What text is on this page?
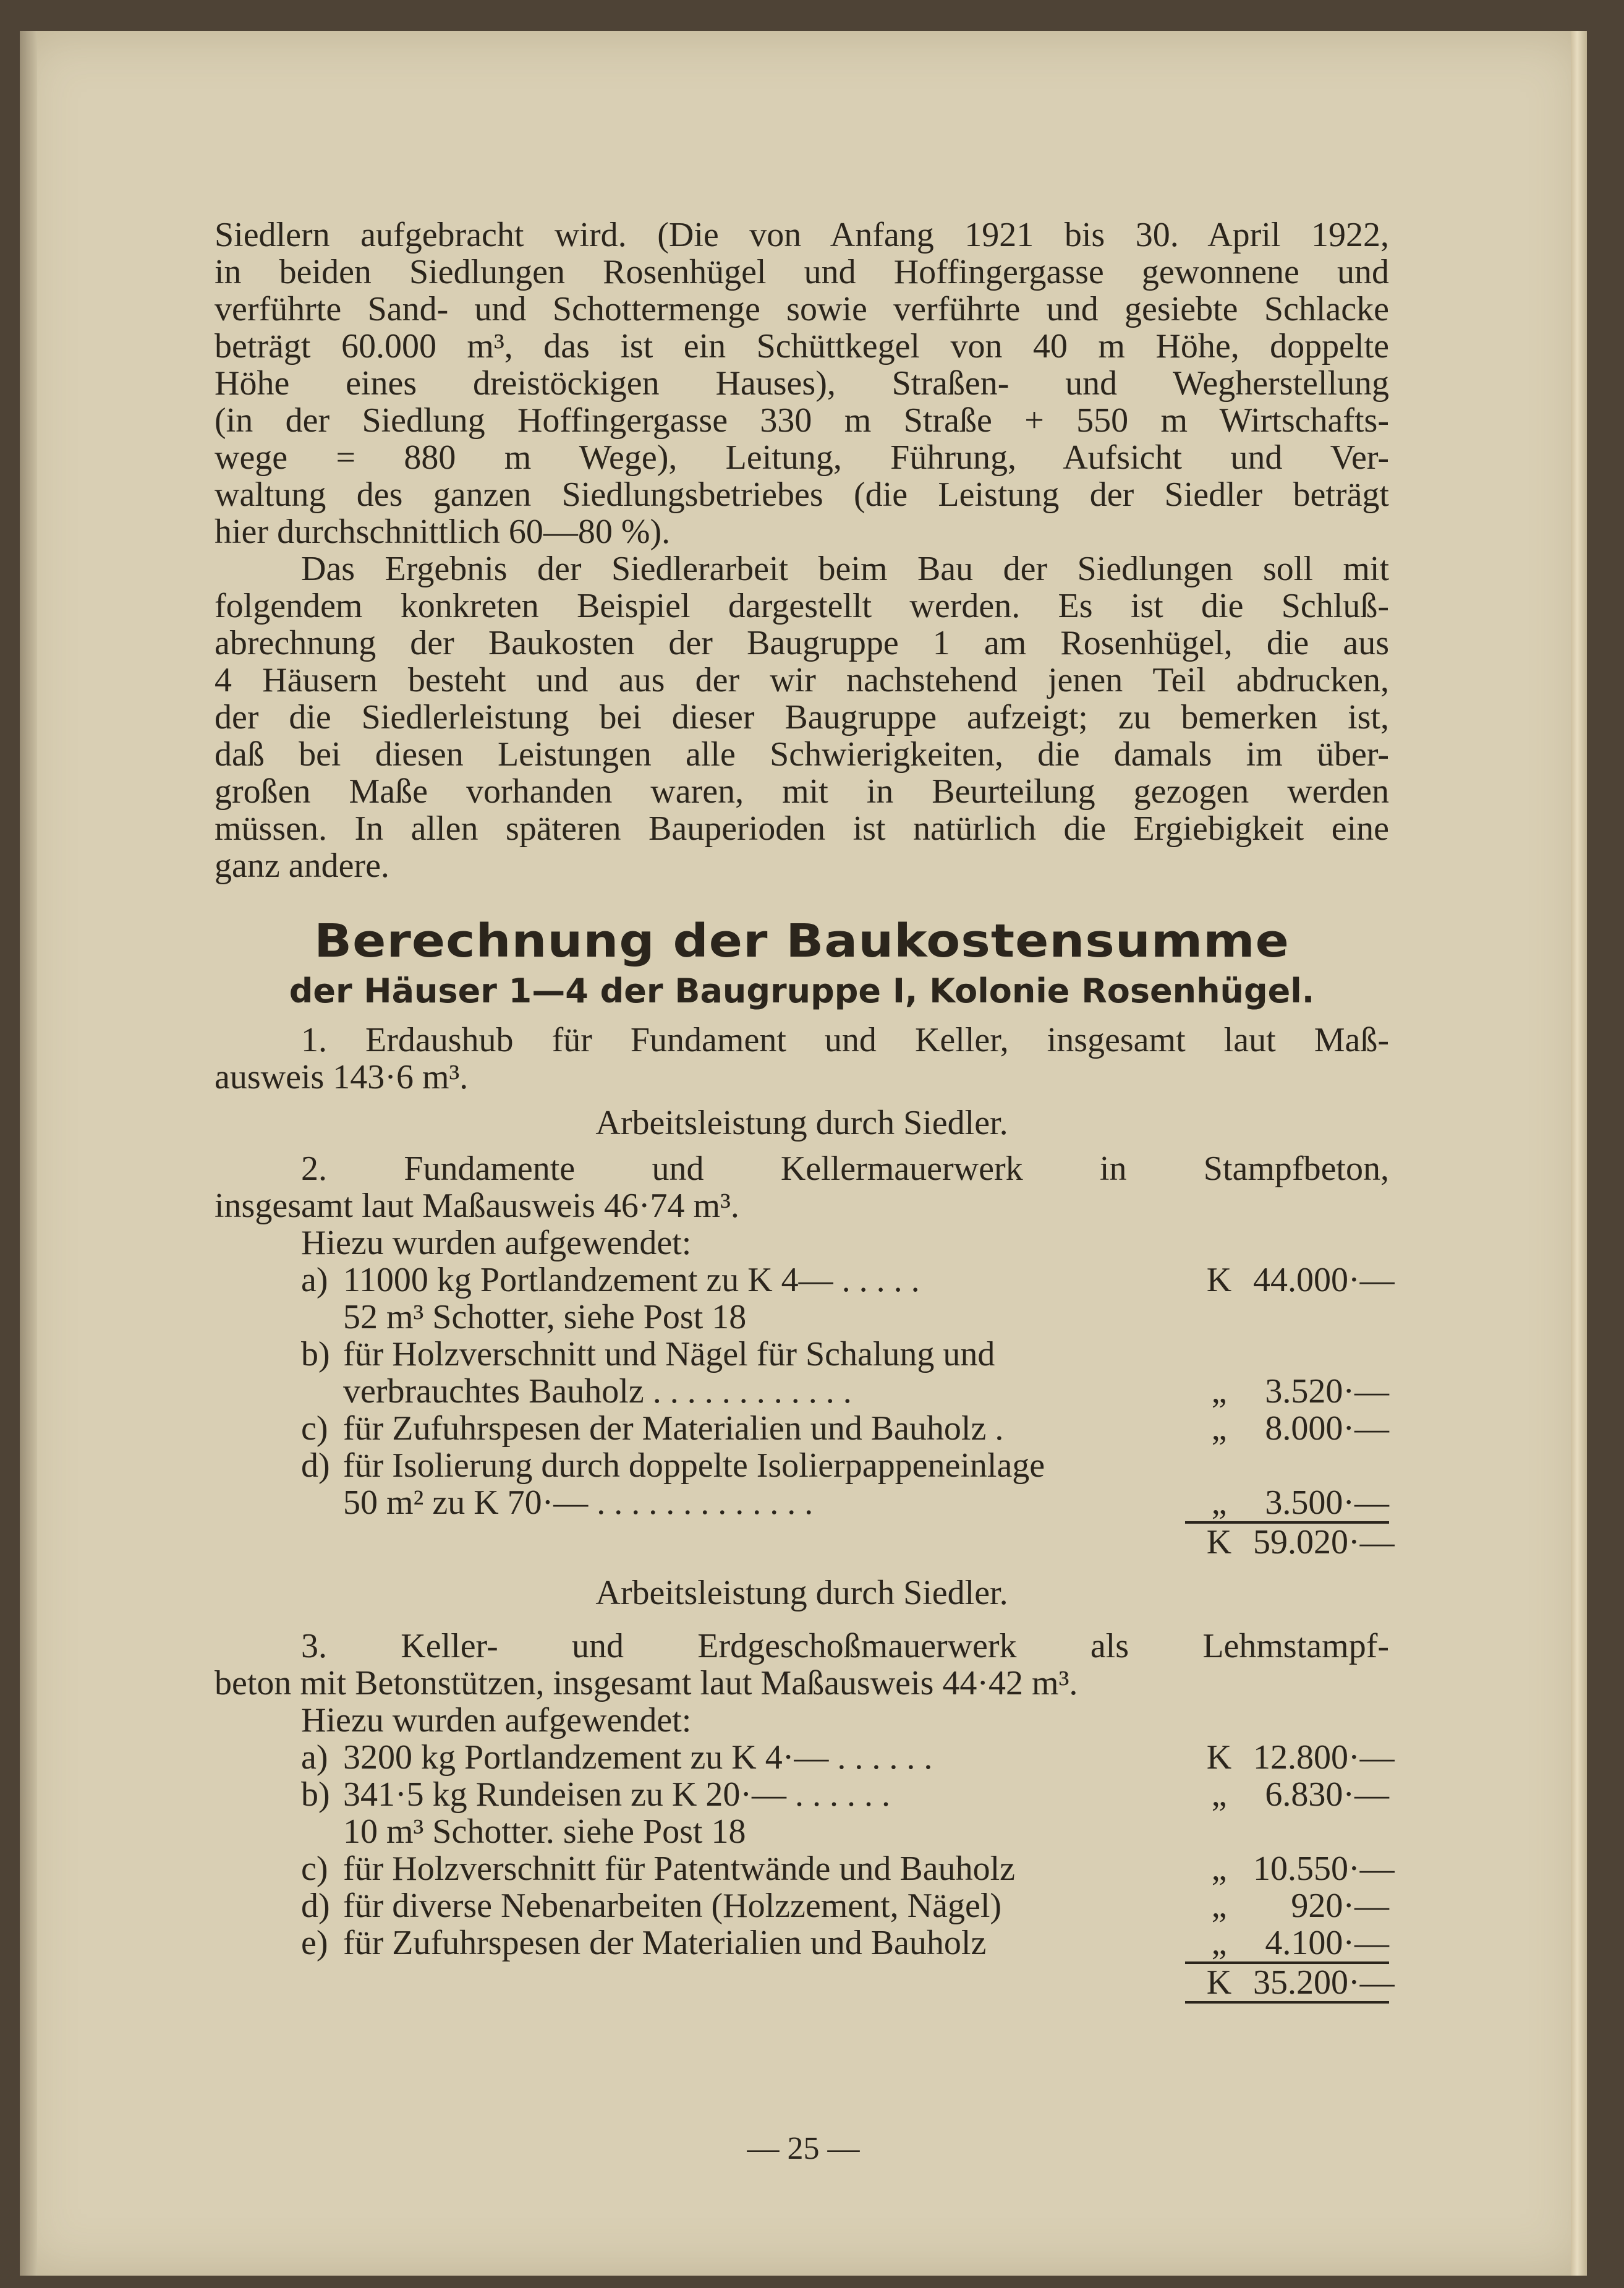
Siedlern aufgebracht wird. (Die von Anfang 1921 bis 30. April 1922,
in beiden Siedlungen Rosenhügel und Hoffingergasse gewonnene und
verführte Sand- und Schottermenge sowie verführte und gesiebte Schlacke
beträgt 60.000 m³, das ist ein Schüttkegel von 40 m Höhe, doppelte
Höhe eines dreistöckigen Hauses), Straßen- und Wegherstellung
(in der Siedlung Hoffingergasse 330 m Straße + 550 m Wirtschafts-
wege = 880 m Wege), Leitung, Führung, Aufsicht und Ver-
waltung des ganzen Siedlungsbetriebes (die Leistung der Siedler beträgt
hier durchschnittlich 60—80 %).
Das Ergebnis der Siedlerarbeit beim Bau der Siedlungen soll mit
folgendem konkreten Beispiel dargestellt werden. Es ist die Schluß-
abrechnung der Baukosten der Baugruppe 1 am Rosenhügel, die aus
4 Häusern besteht und aus der wir nachstehend jenen Teil abdrucken,
der die Siedlerleistung bei dieser Baugruppe aufzeigt; zu bemerken ist,
daß bei diesen Leistungen alle Schwierigkeiten, die damals im über-
großen Maße vorhanden waren, mit in Beurteilung gezogen werden
müssen. In allen späteren Bauperioden ist natürlich die Ergiebigkeit eine
ganz andere.
Berechnung der Baukostensumme
der Häuser 1—4 der Baugruppe I, Kolonie Rosenhügel.
1. Erdaushub für Fundament und Keller, insgesamt laut Maß-
ausweis 143·6 m³.
Arbeitsleistung durch Siedler.
2. Fundamente und Kellermauerwerk in Stampfbeton,
insgesamt laut Maßausweis 46·74 m³.
Hiezu wurden aufgewendet:
a) 11000 kg Portlandzement zu K 4— . . . . .	K 44.000·—
52 m³ Schotter, siehe Post 18
b) für Holzverschnitt und Nägel für Schalung und
verbrauchtes Bauholz . . . . . . . . . . . .	„	3.520·—
c) für Zufuhrspesen der Materialien und Bauholz .	„	8.000·—
d) für Isolierung durch doppelte Isolierpappeneinlage
50 m² zu K 70·— . . . . . . . . . . . . .	„	3.500·—
K 59.020·—
Arbeitsleistung durch Siedler.
3. Keller- und Erdgeschoßmauerwerk als Lehmstampf-
beton mit Betonstützen, insgesamt laut Maßausweis 44·42 m³.
Hiezu wurden aufgewendet:
a) 3200 kg Portlandzement zu K 4·— . . . . . .	K 12.800·—
b) 341·5 kg Rundeisen zu K 20·— . . . . . .	„	6.830·—
10 m³ Schotter. siehe Post 18
c) für Holzverschnitt für Patentwände und Bauholz	„ 10.550·—
d) für diverse Nebenarbeiten (Holzzement, Nägel)	„	920·—
e) für Zufuhrspesen der Materialien und Bauholz	„	4.100·—
K 35.200·—
— 25 —
